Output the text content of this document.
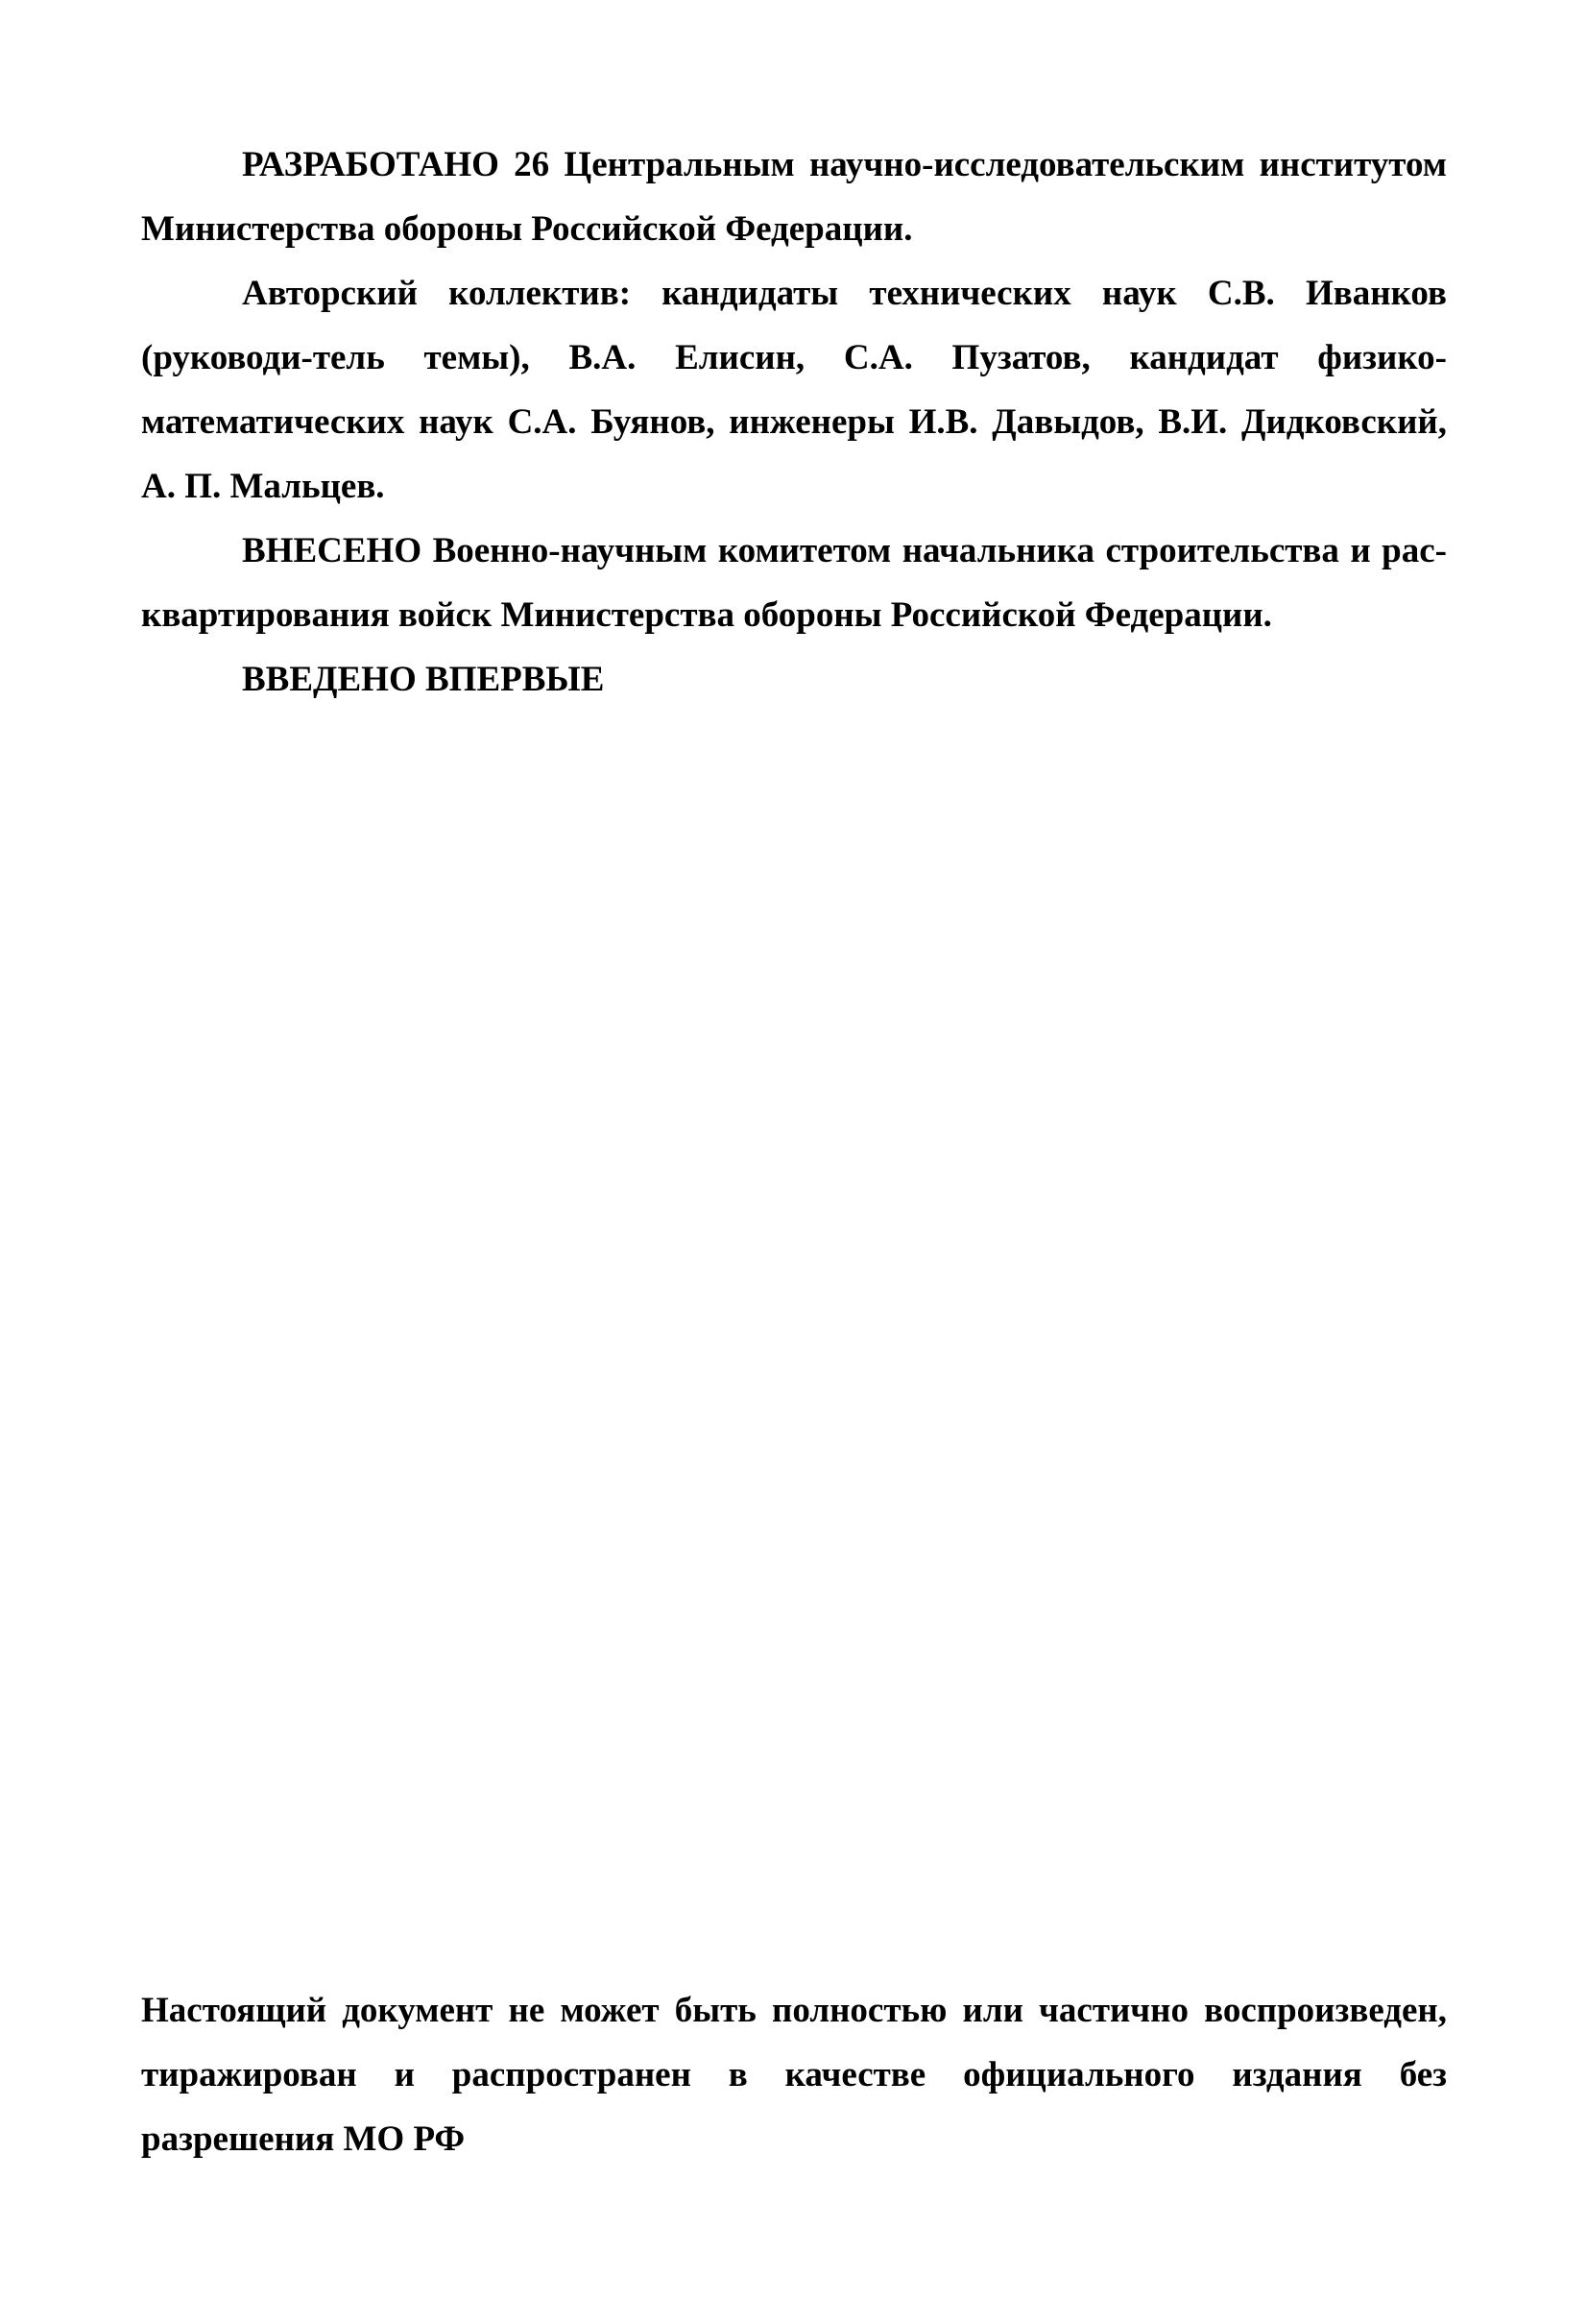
РАЗРАБОТАНО 26 Центральным научно-исследовательским институтом Министерства обороны Российской Федерации.

Авторский коллектив: кандидаты технических наук С.В. Иванков (руководи-тель темы), В.А. Елисин, С.А. Пузатов, кандидат физико-математических наук С.А. Буянов, инженеры И.В. Давыдов, В.И. Дидковский, А. П. Мальцев.

ВНЕСЕНО Военно-научным комитетом начальника строительства и рас-квартирования войск Министерства обороны Российской Федерации.

ВВЕДЕНО ВПЕРВЫЕ

Настоящий документ не может быть полностью или частично воспроизведен, тиражирован и распространен в качестве официального издания без разрешения МО РФ
